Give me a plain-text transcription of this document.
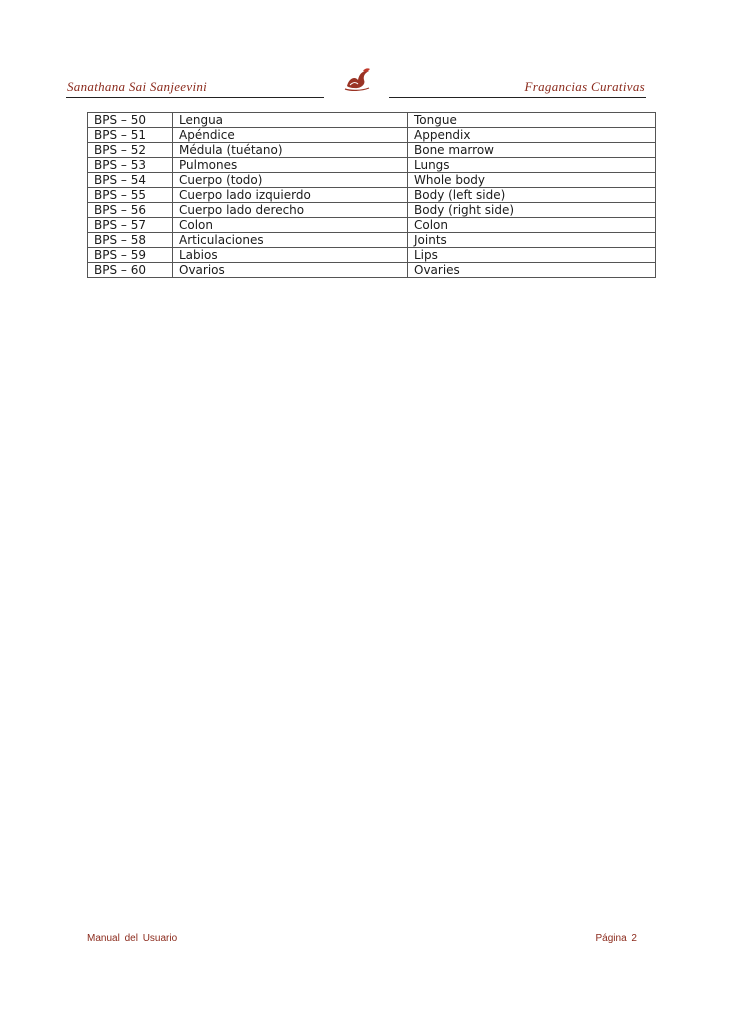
Sanathana Sai Sanjeevini	Fragancias Curativas
BPS – 50	Lengua	Tongue
BPS – 51	Apéndice	Appendix
BPS – 52	Médula (tuétano)	Bone marrow
BPS – 53	Pulmones	Lungs
BPS – 54	Cuerpo (todo)	Whole body
BPS – 55	Cuerpo lado izquierdo	Body (left side)
BPS – 56	Cuerpo lado derecho	Body (right side)
BPS – 57	Colon	Colon
BPS – 58	Articulaciones	Joints
BPS – 59	Labios	Lips
BPS – 60	Ovarios	Ovaries
Manual del Usuario	Página 2
